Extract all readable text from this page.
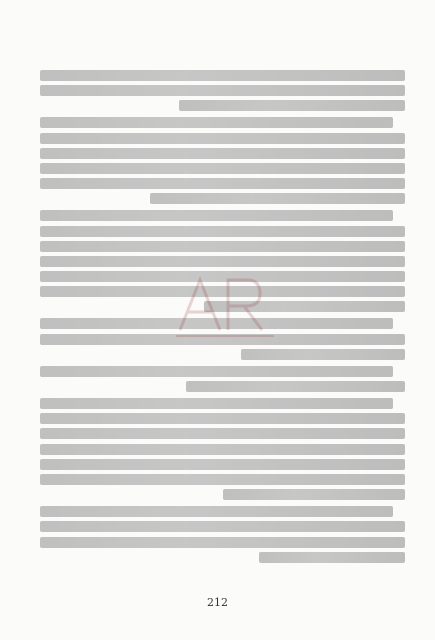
212
